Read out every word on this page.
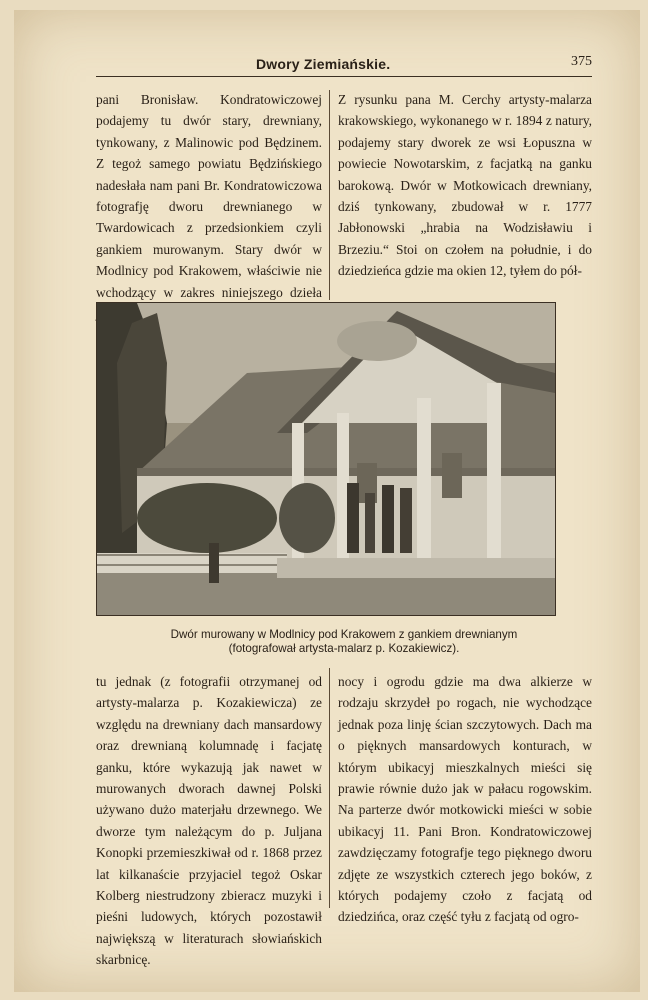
Dwory Ziemiańskie.	375

pani Bronisław. Kondratowiczowej podajemy tu dwór stary, drewniany, tynkowany, z Malinowic pod Będzinem. Z tegoż samego powiatu Będzińskiego nadesłała nam pani Br. Kondratowiczowa fotografję dworu drewnianego w Twardowicach z przedsionkiem czyli gankiem murowanym. Stary dwór w Modlnicy pod Krakowem, właściwie nie wchodzący w zakres niniejszego dzieła

Z rysunku pana M. Cerchy artysty-malarza krakowskiego, wykonanego w r. 1894 z natury, podajemy stary dworek ze wsi Łopuszna w powiecie Nowotarskim, z facjatką na ganku barokową. Dwór w Motkowicach drewniany, dziś tynkowany, zbudował w r. 1777 Jabłonowski „hrabia na Wodzisławiu i Brzeziu.“ Stoi on czołem na południe, i do dziedzieńca gdzie ma okien 12, tyłem do pół-

Dwór murowany w Modlnicy pod Krakowem z gankiem drewnianym
(fotografował artysta-malarz p. Kozakiewicz).

tu jednak (z fotografii otrzymanej od artysty-malarza p. Kozakiewicza) ze względu na drewniany dach mansardowy oraz drewnianą kolumnadę i facjatę ganku, które wykazują jak nawet w murowanych dworach dawnej Polski używano dużo materjału drzewnego. We dworze tym należącym do p. Juljana Konopki przemieszkiwał od r. 1868 przez lat kilkanaście przyjaciel tegoż Oskar Kolberg niestrudzony zbieracz muzyki i pieśni ludowych, których pozostawił największą w literaturach słowiańskich skarbnicę.

nocy i ogrodu gdzie ma dwa alkierze w rodzaju skrzydeł po rogach, nie wychodzące jednak poza linję ścian szczytowych. Dach ma o pięknych mansardowych konturach, w którym ubikacyj mieszkalnych mieści się prawie równie dużo jak w pałacu rogowskim. Na parterze dwór motkowicki mieści w sobie ubikacyj 11. Pani Bron. Kondratowiczowej zawdzięczamy fotografje tego pięknego dworu zdjęte ze wszystkich czterech jego boków, z których podajemy czoło z facjatą od dziedzińca, oraz część tyłu z facjatą od ogro-
